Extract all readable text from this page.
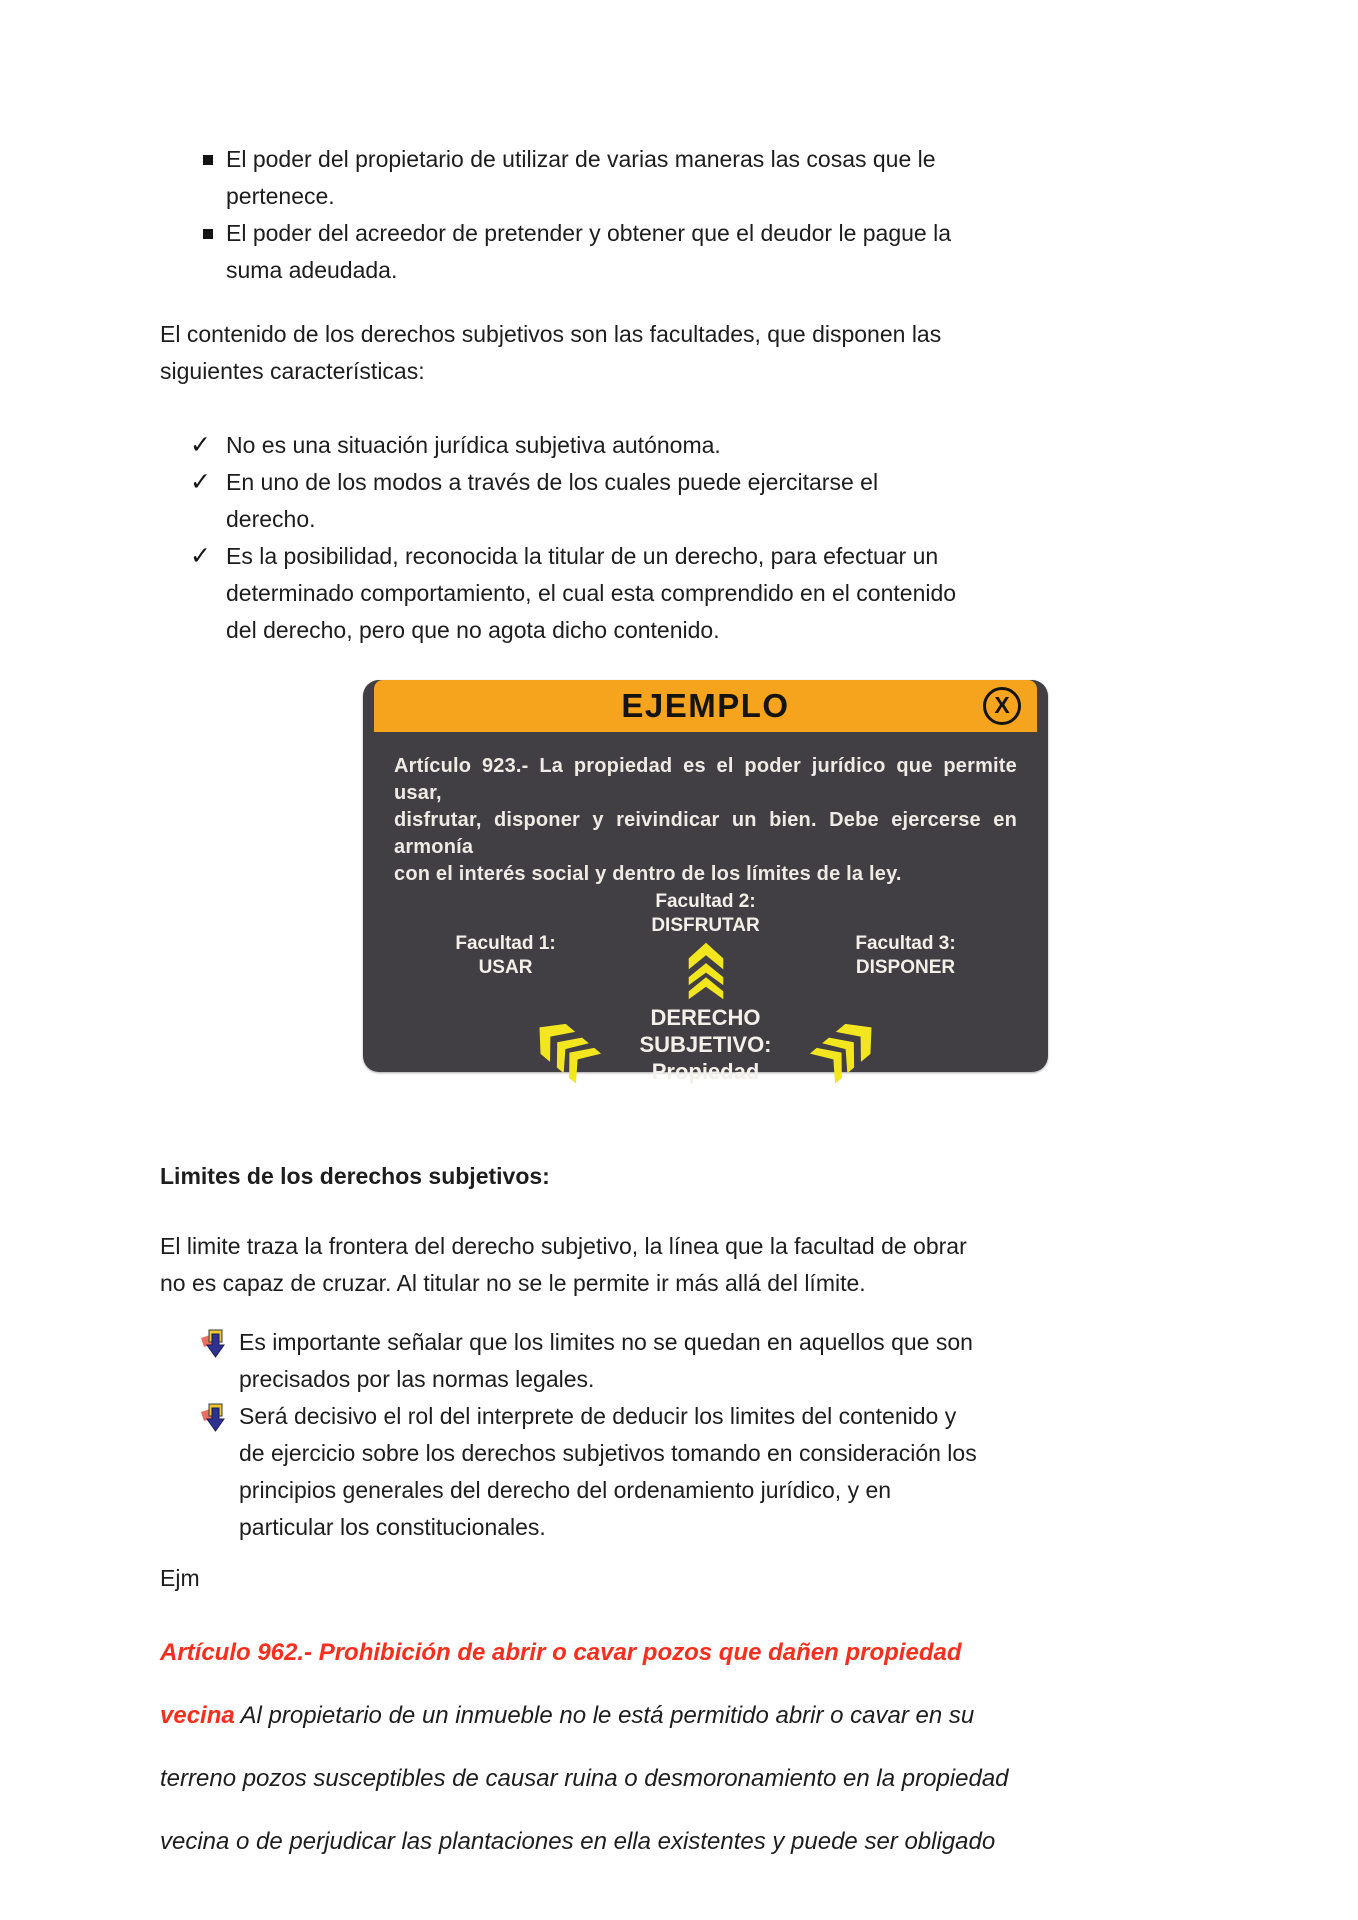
El poder del propietario de utilizar de varias maneras las cosas que le
pertenece.
El poder del acreedor de pretender y obtener que el deudor le pague la
suma adeudada.

El contenido de los derechos subjetivos son las facultades, que disponen las
siguientes características:

✓ No es una situación jurídica subjetiva autónoma.
✓ En uno de los modos a través de los cuales puede ejercitarse el
derecho.
✓ Es la posibilidad, reconocida la titular de un derecho, para efectuar un
determinado comportamiento, el cual esta comprendido en el contenido
del derecho, pero que no agota dicho contenido.
EJEMPLO	X
Artículo 923.- La propiedad es el poder jurídico que permite usar,
disfrutar, disponer y reivindicar un bien. Debe ejercerse en armonía
con el interés social y dentro de los límites de la ley.
Facultad 2:
DISFRUTAR
Facultad 1:
USAR
Facultad 3:
DISPONER
DERECHO
SUBJETIVO:
Propiedad
Limites de los derechos subjetivos:

El limite traza la frontera del derecho subjetivo, la línea que la facultad de obrar
no es capaz de cruzar. Al titular no se le permite ir más allá del límite.

Es importante señalar que los limites no se quedan en aquellos que son
precisados por las normas legales.
Será decisivo el rol del interprete de deducir los limites del contenido y
de ejercicio sobre los derechos subjetivos tomando en consideración los
principios generales del derecho del ordenamiento jurídico, y en
particular los constitucionales.

Ejm

Artículo 962.- Prohibición de abrir o cavar pozos que dañen propiedad
vecina Al propietario de un inmueble no le está permitido abrir o cavar en su
terreno pozos susceptibles de causar ruina o desmoronamiento en la propiedad
vecina o de perjudicar las plantaciones en ella existentes y puede ser obligado
